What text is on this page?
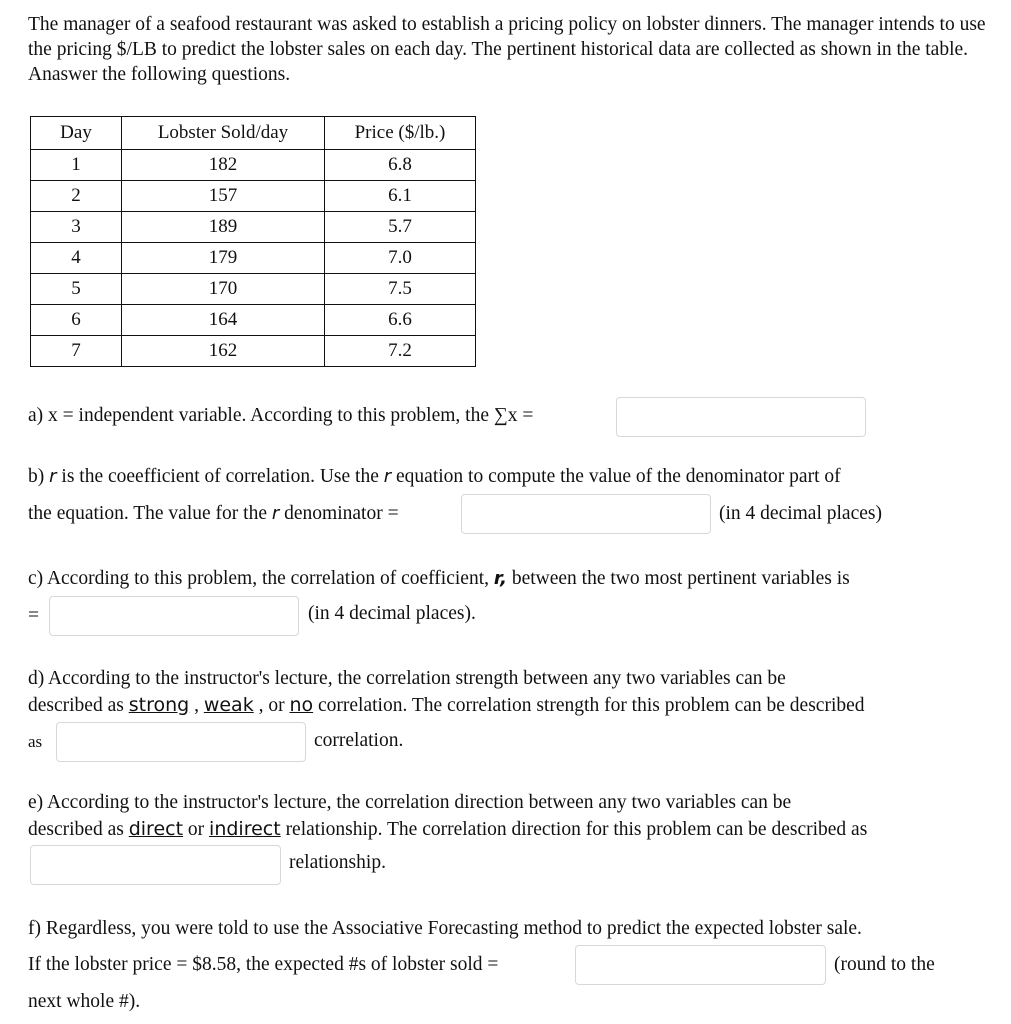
The manager of a seafood restaurant was asked to establish a pricing policy on lobster dinners. The manager intends to use the pricing $/LB to predict the lobster sales on each day. The pertinent historical data are collected as shown in the table. Anaswer the following questions.
Day	Lobster Sold/day	Price ($/lb.)
1	182	6.8
2	157	6.1
3	189	5.7
4	179	7.0
5	170	7.5
6	164	6.6
7	162	7.2
a) x = independent variable. According to this problem, the ∑x =
b) r is the coeefficient of correlation. Use the r equation to compute the value of the denominator part of
the equation. The value for the r denominator =	(in 4 decimal places)
c) According to this problem, the correlation of coefficient, r, between the two most pertinent variables is
=	(in 4 decimal places).
d) According to the instructor's lecture, the correlation strength between any two variables can be
described as strong , weak , or no correlation. The correlation strength for this problem can be described
as	correlation.
e) According to the instructor's lecture, the correlation direction between any two variables can be
described as direct or indirect relationship. The correlation direction for this problem can be described as
relationship.
f) Regardless, you were told to use the Associative Forecasting method to predict the expected lobster sale.
If the lobster price = $8.58, the expected #s of lobster sold =	(round to the
next whole #).
